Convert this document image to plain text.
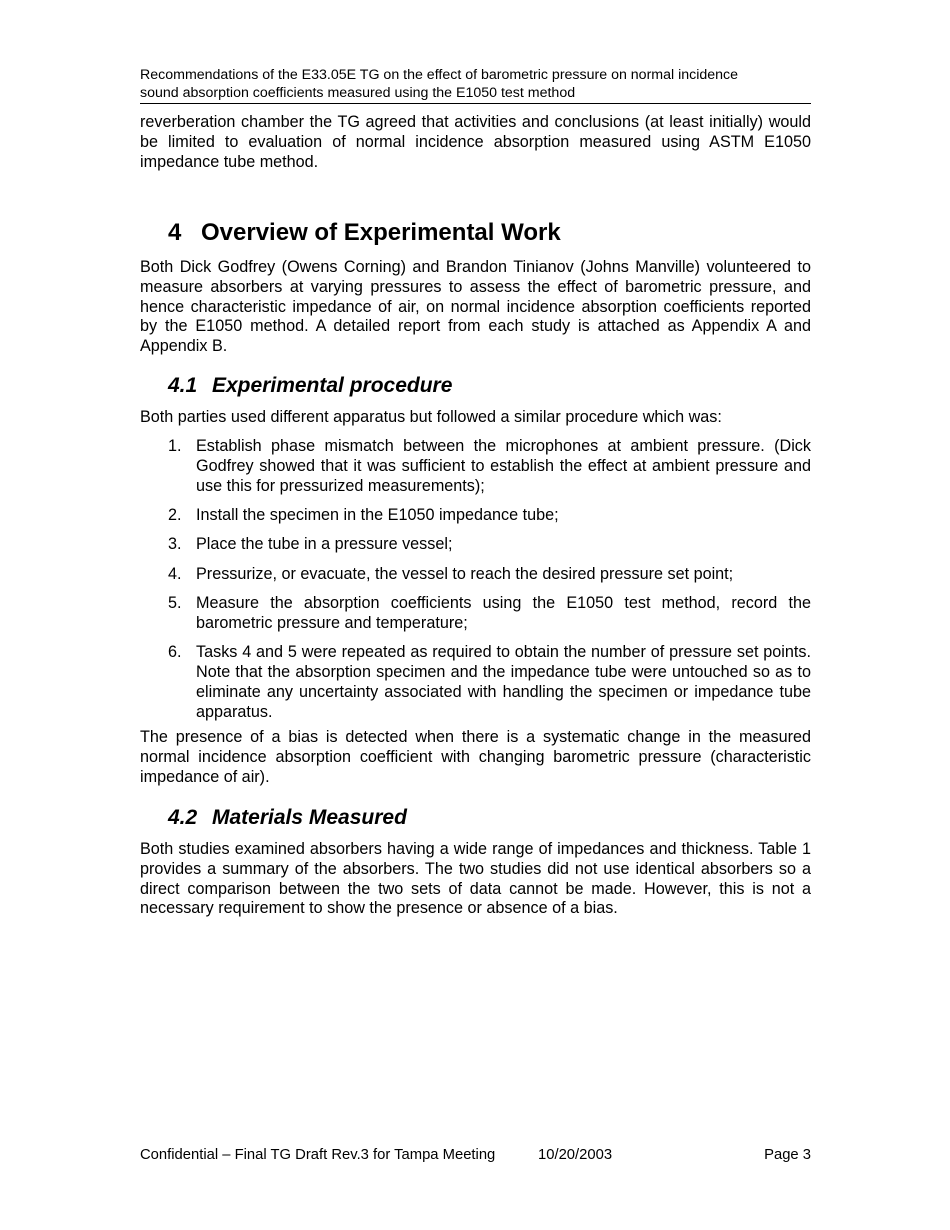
Recommendations of the E33.05E TG on the effect of barometric pressure on normal incidence
sound absorption coefficients measured using the E1050 test method

reverberation chamber the TG agreed that activities and conclusions (at least initially) would be limited to evaluation of normal incidence absorption measured using ASTM E1050 impedance tube method.

4 Overview of Experimental Work

Both Dick Godfrey (Owens Corning) and Brandon Tinianov (Johns Manville) volunteered to measure absorbers at varying pressures to assess the effect of barometric pressure, and hence characteristic impedance of air, on normal incidence absorption coefficients reported by the E1050 method. A detailed report from each study is attached as Appendix A and Appendix B.

4.1 Experimental procedure

Both parties used different apparatus but followed a similar procedure which was:

1. Establish phase mismatch between the microphones at ambient pressure. (Dick Godfrey showed that it was sufficient to establish the effect at ambient pressure and use this for pressurized measurements);
2. Install the specimen in the E1050 impedance tube;
3. Place the tube in a pressure vessel;
4. Pressurize, or evacuate, the vessel to reach the desired pressure set point;
5. Measure the absorption coefficients using the E1050 test method, record the barometric pressure and temperature;
6. Tasks 4 and 5 were repeated as required to obtain the number of pressure set points. Note that the absorption specimen and the impedance tube were untouched so as to eliminate any uncertainty associated with handling the specimen or impedance tube apparatus.

The presence of a bias is detected when there is a systematic change in the measured normal incidence absorption coefficient with changing barometric pressure (characteristic impedance of air).

4.2 Materials Measured

Both studies examined absorbers having a wide range of impedances and thickness. Table 1 provides a summary of the absorbers. The two studies did not use identical absorbers so a direct comparison between the two sets of data cannot be made. However, this is not a necessary requirement to show the presence or absence of a bias.

Confidential – Final TG Draft Rev.3 for Tampa Meeting	10/20/2003	Page 3
